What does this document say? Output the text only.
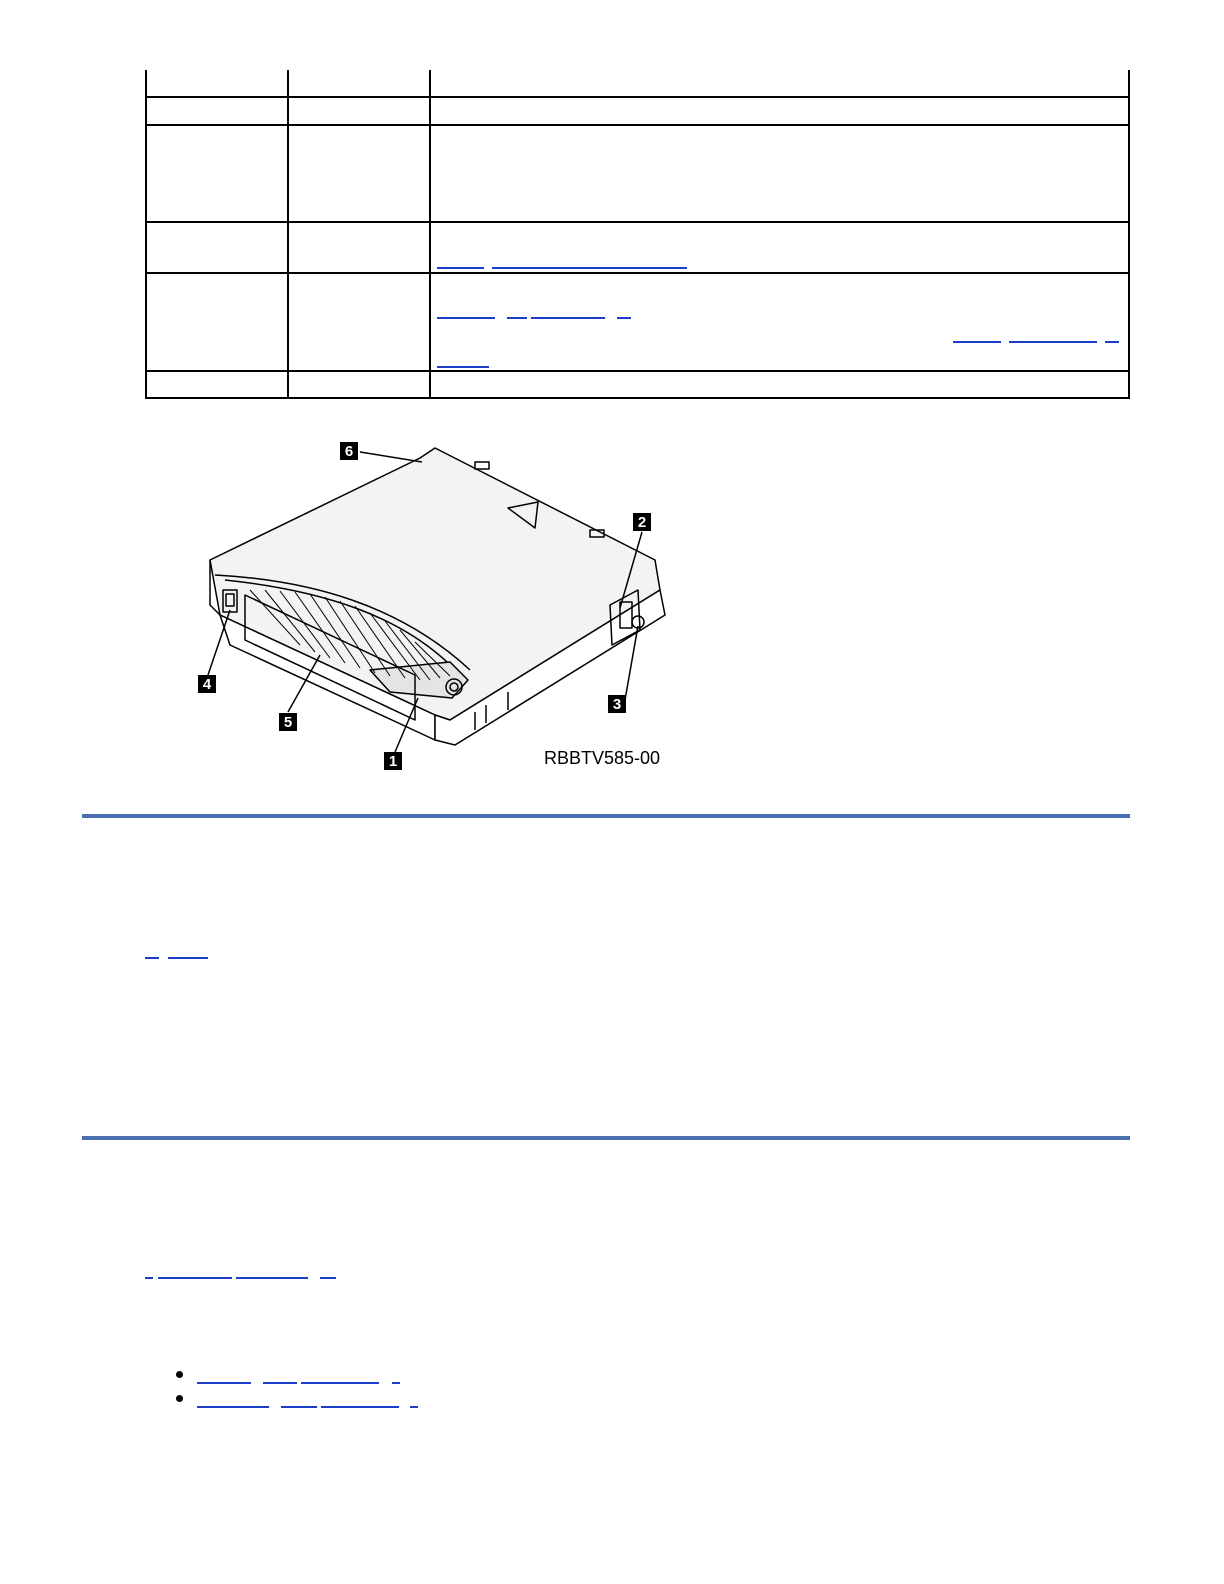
6
2
3
4
5
1	RBBTV585-00
